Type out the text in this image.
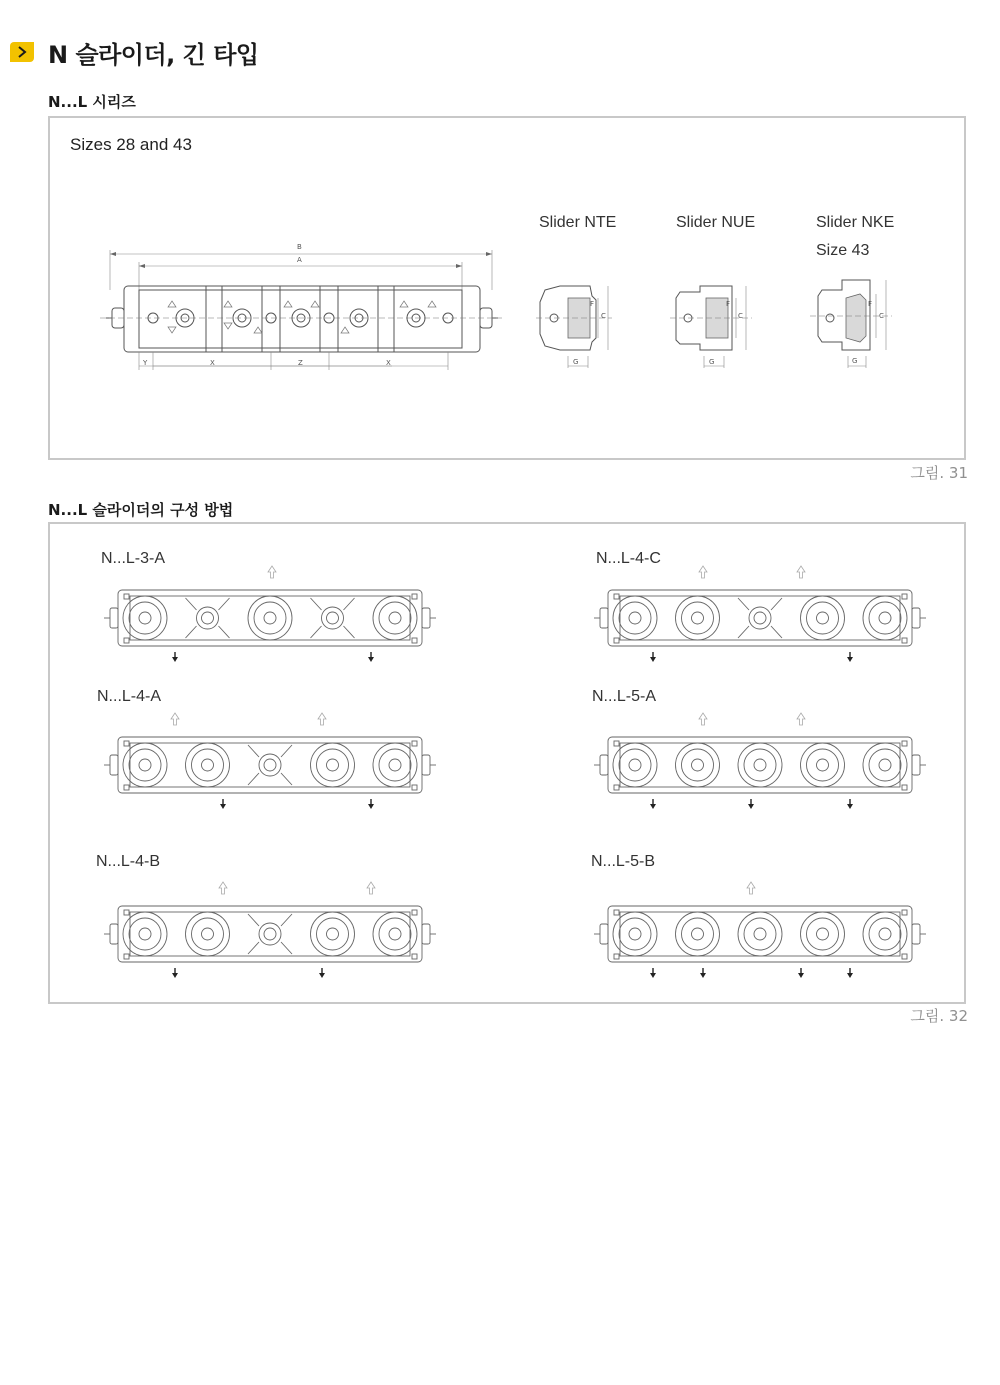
N 슬라이더, 긴 타입
N...L 시리즈
Sizes 28 and 43
B
A
Y	X	Z	X
F
C
G
F
C
G
F
C
G
Slider NTE	Slider NUE	Slider NKE
Size 43
그림. 31
N...L 슬라이더의 구성 방법
N...L-3-A	N...L-4-C
N...L-4-A	N...L-5-A
N...L-4-B	N...L-5-B
그림. 32
